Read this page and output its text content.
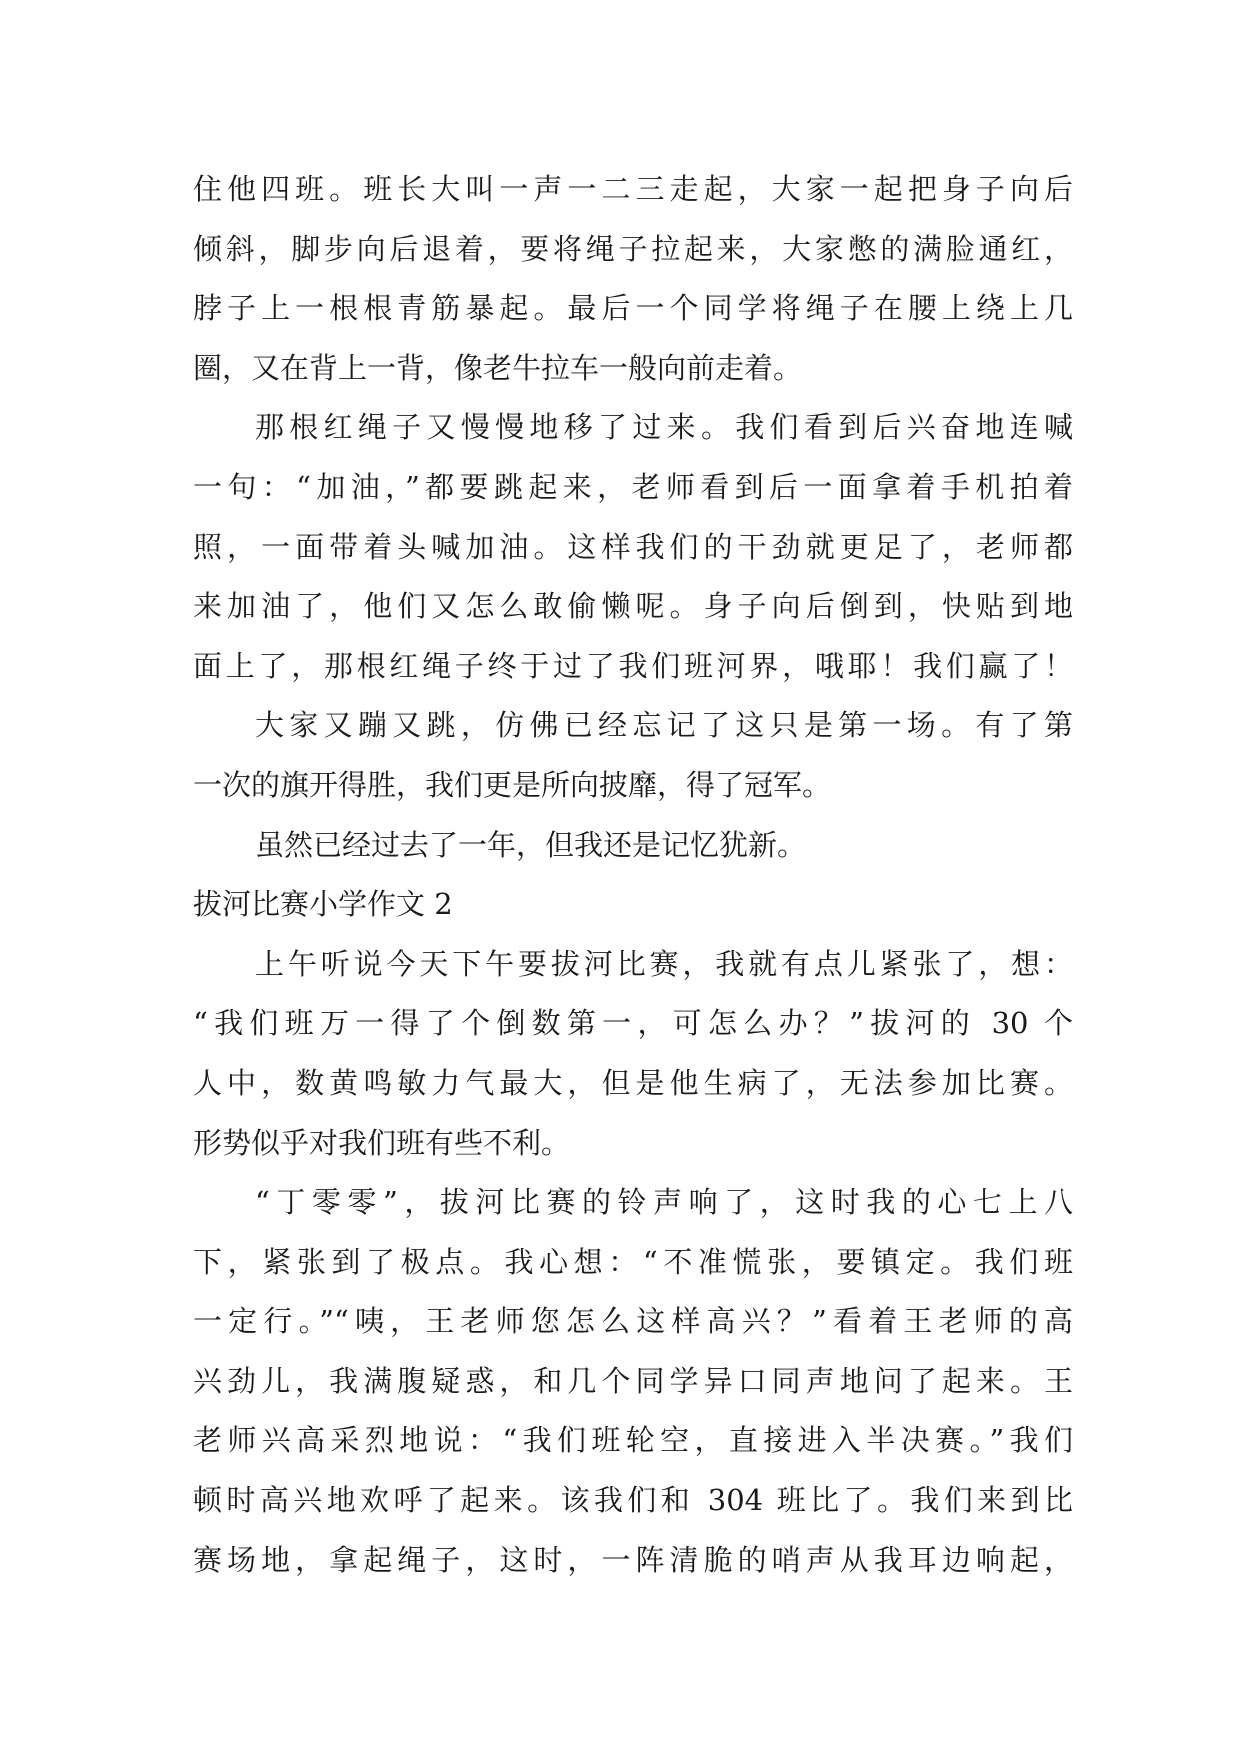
住他四班。班长大叫一声一二三走起，大家一起把身子向后
倾斜，脚步向后退着，要将绳子拉起来，大家憋的满脸通红，
脖子上一根根青筋暴起。最后一个同学将绳子在腰上绕上几
圈，又在背上一背，像老牛拉车一般向前走着。
那根红绳子又慢慢地移了过来。我们看到后兴奋地连喊
一句：“加油，”都要跳起来，老师看到后一面拿着手机拍着
照，一面带着头喊加油。这样我们的干劲就更足了，老师都
来加油了，他们又怎么敢偷懒呢。身子向后倒到，快贴到地
面上了，那根红绳子终于过了我们班河界，哦耶！我们赢了！
大家又蹦又跳，仿佛已经忘记了这只是第一场。有了第
一次的旗开得胜，我们更是所向披靡，得了冠军。
虽然已经过去了一年，但我还是记忆犹新。
拔河比赛小学作文 2
上午听说今天下午要拔河比赛，我就有点儿紧张了，想：
“我们班万一得了个倒数第一，可怎么办？”拔河的 30 个
人中，数黄鸣敏力气最大，但是他生病了，无法参加比赛。
形势似乎对我们班有些不利。
“丁零零”，拔河比赛的铃声响了，这时我的心七上八
下，紧张到了极点。我心想：“不准慌张，要镇定。我们班
一定行。”“咦，王老师您怎么这样高兴？”看着王老师的高
兴劲儿，我满腹疑惑，和几个同学异口同声地问了起来。王
老师兴高采烈地说：“我们班轮空，直接进入半决赛。”我们
顿时高兴地欢呼了起来。该我们和 304 班比了。我们来到比
赛场地，拿起绳子，这时，一阵清脆的哨声从我耳边响起，
